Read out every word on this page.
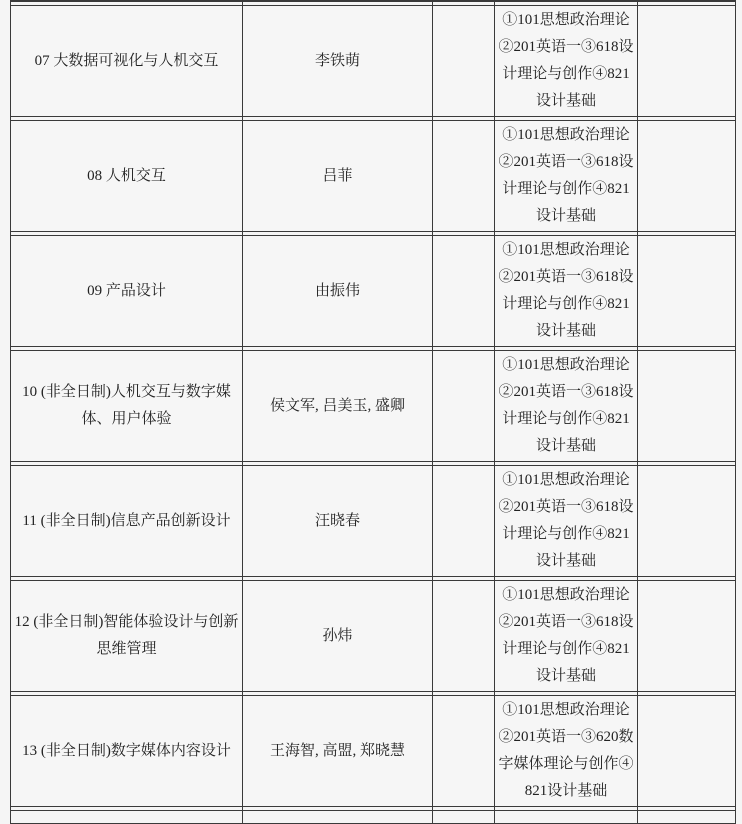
07 大数据可视化与人机交互	李铁萌		①101思想政治理论②201英语一③618设计理论与创作④821设计基础	

08 人机交互	吕菲		①101思想政治理论②201英语一③618设计理论与创作④821设计基础	

09 产品设计	由振伟		①101思想政治理论②201英语一③618设计理论与创作④821设计基础	

10 (非全日制)人机交互与数字媒体、用户体验	侯文军, 吕美玉, 盛卿		①101思想政治理论②201英语一③618设计理论与创作④821设计基础	

11 (非全日制)信息产品创新设计	汪晓春		①101思想政治理论②201英语一③618设计理论与创作④821设计基础	

12 (非全日制)智能体验设计与创新思维管理	孙炜		①101思想政治理论②201英语一③618设计理论与创作④821设计基础	

13 (非全日制)数字媒体内容设计	王海智, 高盟, 郑晓慧		①101思想政治理论②201英语一③620数字媒体理论与创作④821设计基础	
